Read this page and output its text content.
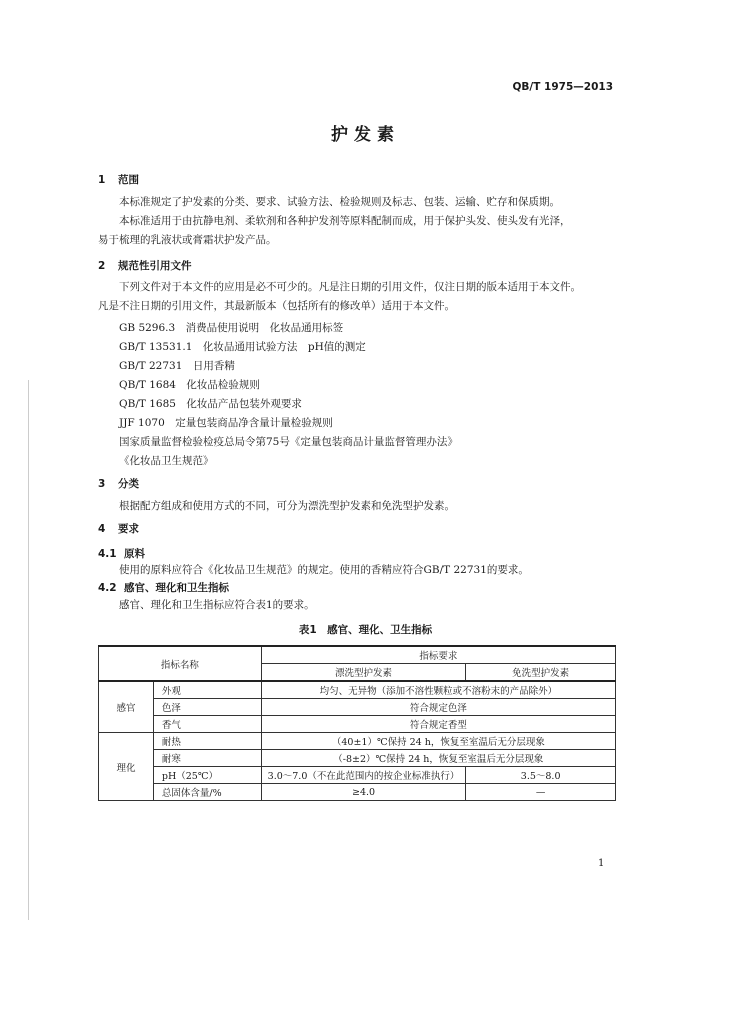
QB/T 1975—2013
护发素
1 范围
本标准规定了护发素的分类、要求、试验方法、检验规则及标志、包装、运输、贮存和保质期。
本标准适用于由抗静电剂、柔软剂和各种护发剂等原料配制而成，用于保护头发、使头发有光泽，
易于梳理的乳液状或膏霜状护发产品。
2 规范性引用文件
下列文件对于本文件的应用是必不可少的。凡是注日期的引用文件，仅注日期的版本适用于本文件。
凡是不注日期的引用文件，其最新版本（包括所有的修改单）适用于本文件。
GB 5296.3　消费品使用说明　化妆品通用标签
GB/T 13531.1　化妆品通用试验方法　pH值的测定
GB/T 22731　日用香精
QB/T 1684　化妆品检验规则
QB/T 1685　化妆品产品包装外观要求
JJF 1070　定量包装商品净含量计量检验规则
国家质量监督检验检疫总局令第75号《定量包装商品计量监督管理办法》
《化妆品卫生规范》
3 分类
根据配方组成和使用方式的不同，可分为漂洗型护发素和免洗型护发素。
4 要求
4.1 原料
使用的原料应符合《化妆品卫生规范》的规定。使用的香精应符合GB/T 22731的要求。
4.2 感官、理化和卫生指标
感官、理化和卫生指标应符合表1的要求。
表1　感官、理化、卫生指标
指标名称		指标要求	
		漂洗型护发素	免洗型护发素
感官	外观	均匀、无异物（添加不溶性颗粒或不溶粉末的产品除外）	
	色泽	符合规定色泽	
	香气	符合规定香型	
理化	耐热	（40±1）℃保持 24 h，恢复至室温后无分层现象	
	耐寒	（-8±2）℃保持 24 h，恢复至室温后无分层现象	
	pH（25℃）	3.0～7.0（不在此范围内的按企业标准执行）	3.5～8.0
	总固体含量/%	≥4.0	—
1
